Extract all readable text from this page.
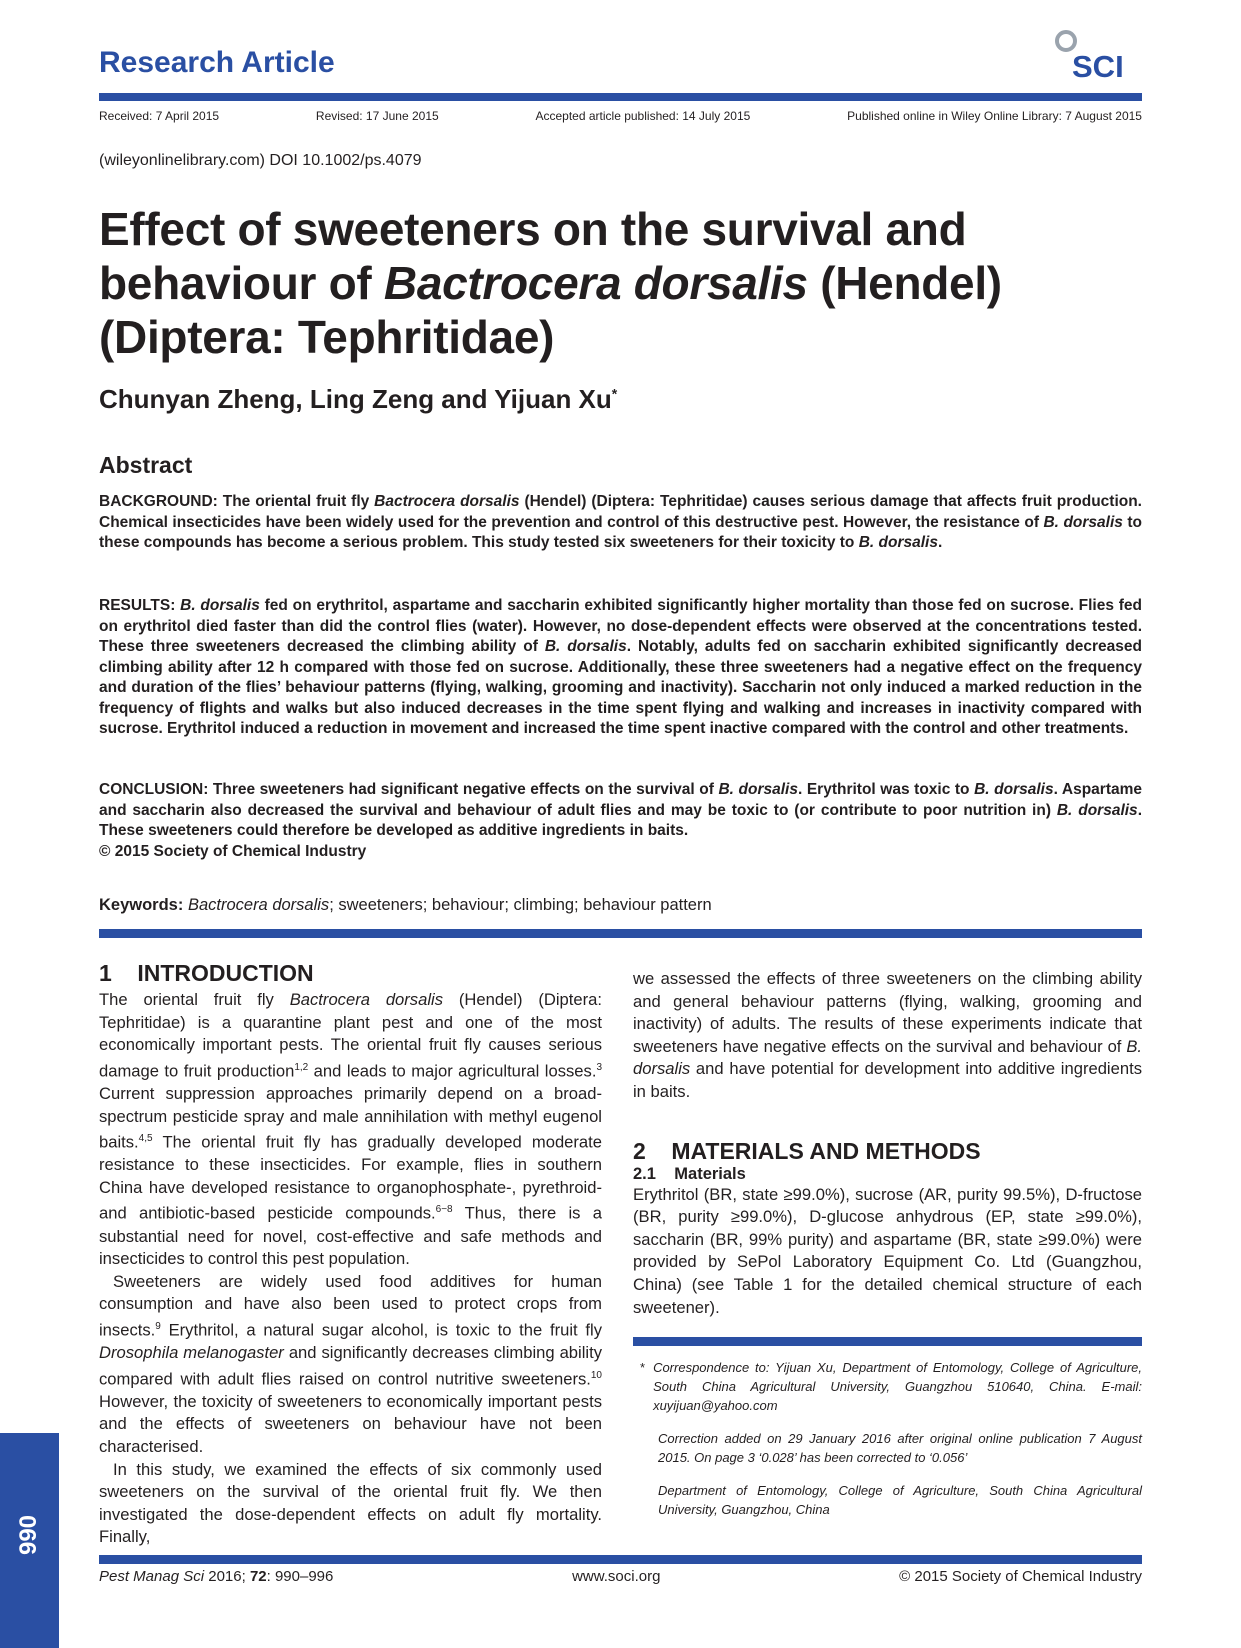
Research Article	SCI
Received: 7 April 2015	Revised: 17 June 2015	Accepted article published: 14 July 2015	Published online in Wiley Online Library: 7 August 2015
(wileyonlinelibrary.com) DOI 10.1002/ps.4079
Effect of sweeteners on the survival and
behaviour of Bactrocera dorsalis (Hendel)
(Diptera: Tephritidae)
Chunyan Zheng, Ling Zeng and Yijuan Xu*
Abstract
BACKGROUND: The oriental fruit fly Bactrocera dorsalis (Hendel) (Diptera: Tephritidae) causes serious damage that affects fruit production. Chemical insecticides have been widely used for the prevention and control of this destructive pest. However, the resistance of B. dorsalis to these compounds has become a serious problem. This study tested six sweeteners for their toxicity to B. dorsalis.
RESULTS: B. dorsalis fed on erythritol, aspartame and saccharin exhibited significantly higher mortality than those fed on sucrose. Flies fed on erythritol died faster than did the control flies (water). However, no dose-dependent effects were observed at the concentrations tested. These three sweeteners decreased the climbing ability of B. dorsalis. Notably, adults fed on saccharin exhibited significantly decreased climbing ability after 12 h compared with those fed on sucrose. Additionally, these three sweeteners had a negative effect on the frequency and duration of the flies’ behaviour patterns (flying, walking, grooming and inactivity). Saccharin not only induced a marked reduction in the frequency of flights and walks but also induced decreases in the time spent flying and walking and increases in inactivity compared with sucrose. Erythritol induced a reduction in movement and increased the time spent inactive compared with the control and other treatments.
CONCLUSION: Three sweeteners had significant negative effects on the survival of B. dorsalis. Erythritol was toxic to B. dorsalis. Aspartame and saccharin also decreased the survival and behaviour of adult flies and may be toxic to (or contribute to poor nutrition in) B. dorsalis. These sweeteners could therefore be developed as additive ingredients in baits.
© 2015 Society of Chemical Industry
Keywords: Bactrocera dorsalis; sweeteners; behaviour; climbing; behaviour pattern
1    INTRODUCTION

The oriental fruit fly Bactrocera dorsalis (Hendel) (Diptera: Tephritidae) is a quarantine plant pest and one of the most economically important pests. The oriental fruit fly causes serious damage to fruit production$^{1,2}$ and leads to major agricultural losses.$^3$ Current suppression approaches primarily depend on a broad-spectrum pesticide spray and male annihilation with methyl eugenol baits.$^{4,5}$ The oriental fruit fly has gradually developed moderate resistance to these insecticides. For example, flies in southern China have developed resistance to organophosphate-, pyrethroid- and antibiotic-based pesticide compounds.$^{6-8}$ Thus, there is a substantial need for novel, cost-effective and safe methods and insecticides to control this pest population.

Sweeteners are widely used food additives for human consumption and have also been used to protect crops from insects.$^9$ Erythritol, a natural sugar alcohol, is toxic to the fruit fly Drosophila melanogaster and significantly decreases climbing ability compared with adult flies raised on control nutritive sweeteners.$^{10}$ However, the toxicity of sweeteners to economically important pests and the effects of sweeteners on behaviour have not been characterised.

In this study, we examined the effects of six commonly used sweeteners on the survival of the oriental fruit fly. We then investigated the dose-dependent effects on adult fly mortality. Finally,

we assessed the effects of three sweeteners on the climbing ability and general behaviour patterns (flying, walking, grooming and inactivity) of adults. The results of these experiments indicate that sweeteners have negative effects on the survival and behaviour of B. dorsalis and have potential for development into additive ingredients in baits.

2    MATERIALS AND METHODS
2.1    Materials

Erythritol (BR, state ≥99.0%), sucrose (AR, purity 99.5%), D-fructose (BR, purity ≥99.0%), D-glucose anhydrous (EP, state ≥99.0%), saccharin (BR, 99% purity) and aspartame (BR, state ≥99.0%) were provided by SePol Laboratory Equipment Co. Ltd (Guangzhou, China) (see Table 1 for the detailed chemical structure of each sweetener).

* Correspondence to: Yijuan Xu, Department of Entomology, College of Agriculture, South China Agricultural University, Guangzhou 510640, China. E-mail: xuyijuan@yahoo.com

Correction added on 29 January 2016 after original online publication 7 August 2015. On page 3 ‘0.028’ has been corrected to ‘0.056’

Department of Entomology, College of Agriculture, South China Agricultural University, Guangzhou, China

Pest Manag Sci 2016; 72: 990–996	www.soci.org	© 2015 Society of Chemical Industry
990
